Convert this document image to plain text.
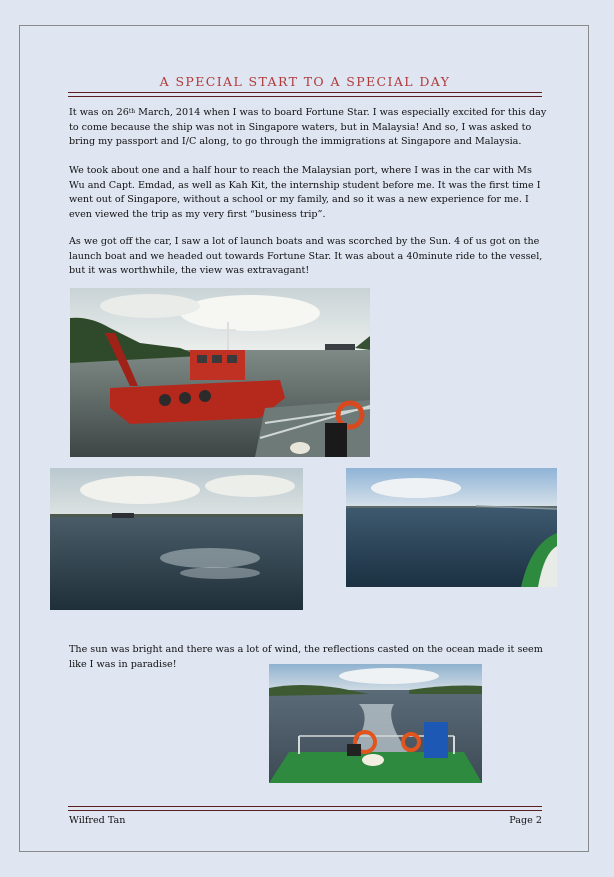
A SPECIAL START TO A SPECIAL DAY
It was on 26th March, 2014 when I was to board Fortune Star. I was especially excited for this day to come because the ship was not in Singapore waters, but in Malaysia! And so, I was asked to bring my passport and I/C along, to go through the immigrations at Singapore and Malaysia.
We took about one and a half hour to reach the Malaysian port, where I was in the car with Ms Wu and Capt. Emdad, as well as Kah Kit, the internship student before me. It was the first time I went out of Singapore, without a school or my family, and so it was a new experience for me. I even viewed the trip as my very first “business trip”.
As we got off the car, I saw a lot of launch boats and was scorched by the Sun. 4 of us got on the launch boat and we headed out towards Fortune Star. It was about a 40minute ride to the vessel, but it was worthwhile, the view was extravagant!
The sun was bright and there was a lot of wind, the reflections casted on the ocean made it seem like I was in paradise!
Wilfred Tan	Page 2
